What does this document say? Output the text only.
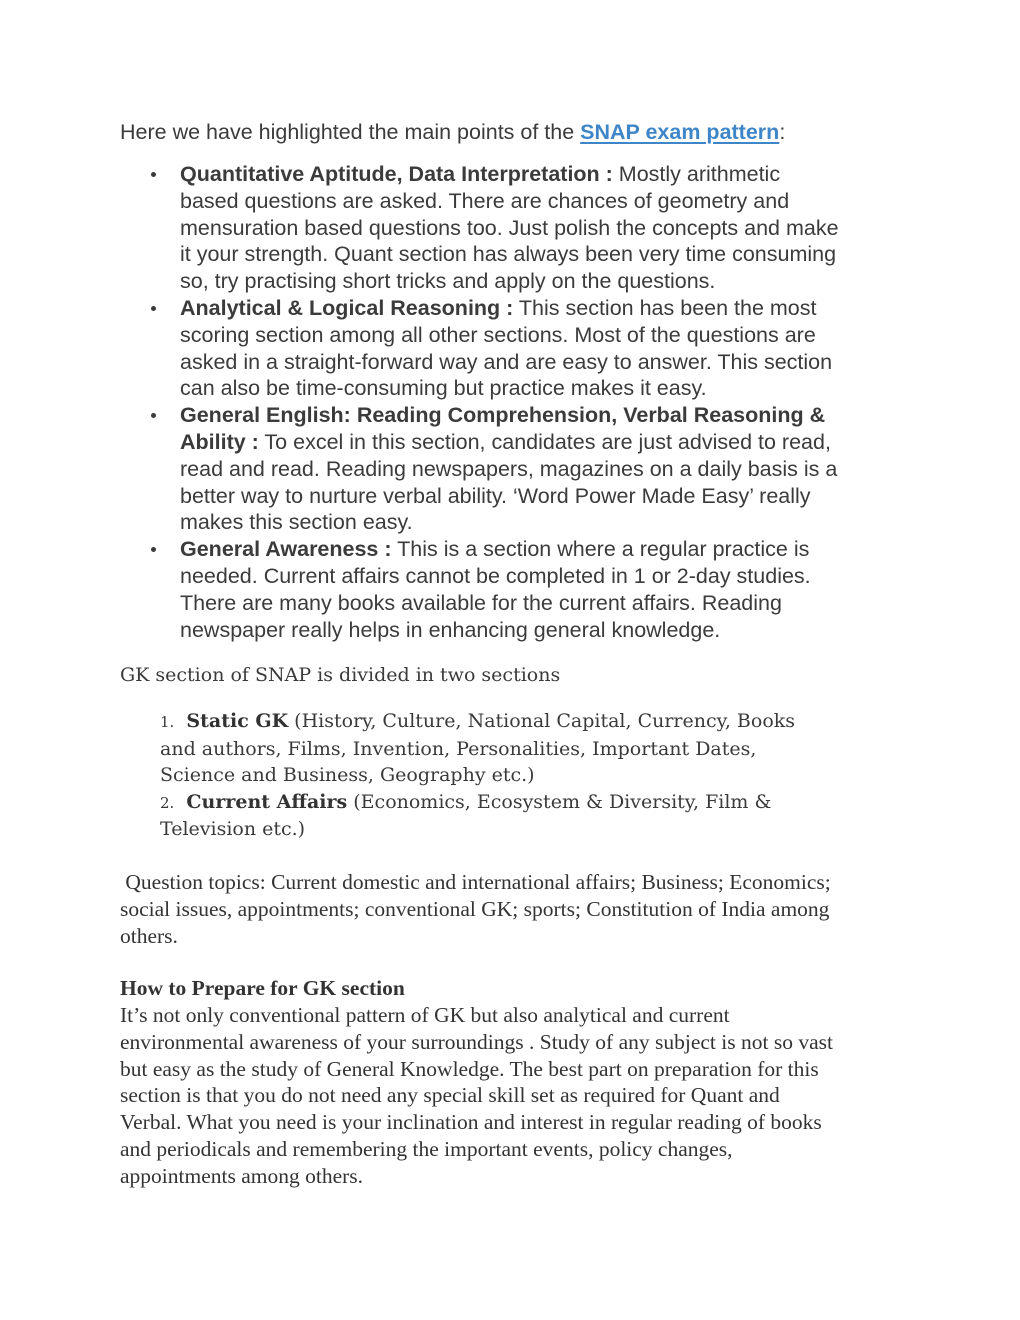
Here we have highlighted the main points of the SNAP exam pattern:
Quantitative Aptitude, Data Interpretation : Mostly arithmetic
based questions are asked. There are chances of geometry and
mensuration based questions too. Just polish the concepts and make
it your strength. Quant section has always been very time consuming
so, try practising short tricks and apply on the questions.
Analytical & Logical Reasoning : This section has been the most
scoring section among all other sections. Most of the questions are
asked in a straight-forward way and are easy to answer. This section
can also be time-consuming but practice makes it easy.
General English: Reading Comprehension, Verbal Reasoning &
Ability : To excel in this section, candidates are just advised to read,
read and read. Reading newspapers, magazines on a daily basis is a
better way to nurture verbal ability. ‘Word Power Made Easy’ really
makes this section easy.
General Awareness : This is a section where a regular practice is
needed. Current affairs cannot be completed in 1 or 2-day studies.
There are many books available for the current affairs. Reading
newspaper really helps in enhancing general knowledge.
GK section of SNAP is divided in two sections
1. Static GK (History, Culture, National Capital, Currency, Books
and authors, Films, Invention, Personalities, Important Dates,
Science and Business, Geography etc.)
2. Current Affairs (Economics, Ecosystem & Diversity, Film &
Television etc.)
Question topics: Current domestic and international affairs; Business; Economics;
social issues, appointments; conventional GK; sports; Constitution of India among
others.
How to Prepare for GK section
It’s not only conventional pattern of GK but also analytical and current
environmental awareness of your surroundings . Study of any subject is not so vast
but easy as the study of General Knowledge. The best part on preparation for this
section is that you do not need any special skill set as required for Quant and
Verbal. What you need is your inclination and interest in regular reading of books
and periodicals and remembering the important events, policy changes,
appointments among others.
